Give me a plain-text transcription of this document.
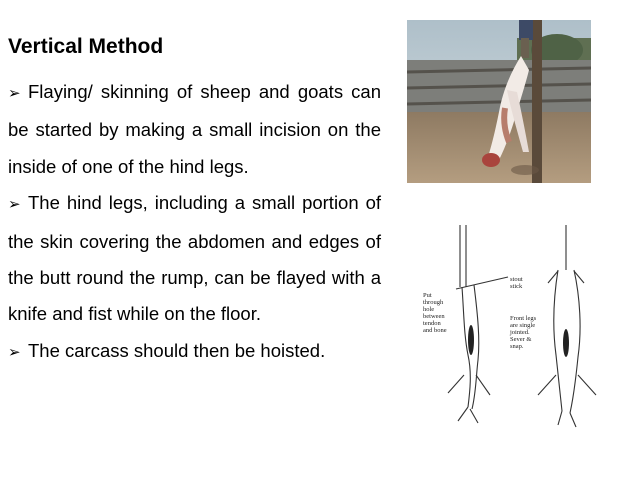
Vertical Method

➢ Flaying/ skinning of sheep and goats can be started by making a small incision on the inside of one of the hind legs.

➢ The hind legs, including a small portion of the skin covering the abdomen and edges of the butt round the rump, can be flayed with a knife and fist while on the floor.

➢ The carcass should then be hoisted.

Put
through
hole
between
tendon
and bone
stout
stick
Front legs
are single
jointed.
Sever &
snap.
